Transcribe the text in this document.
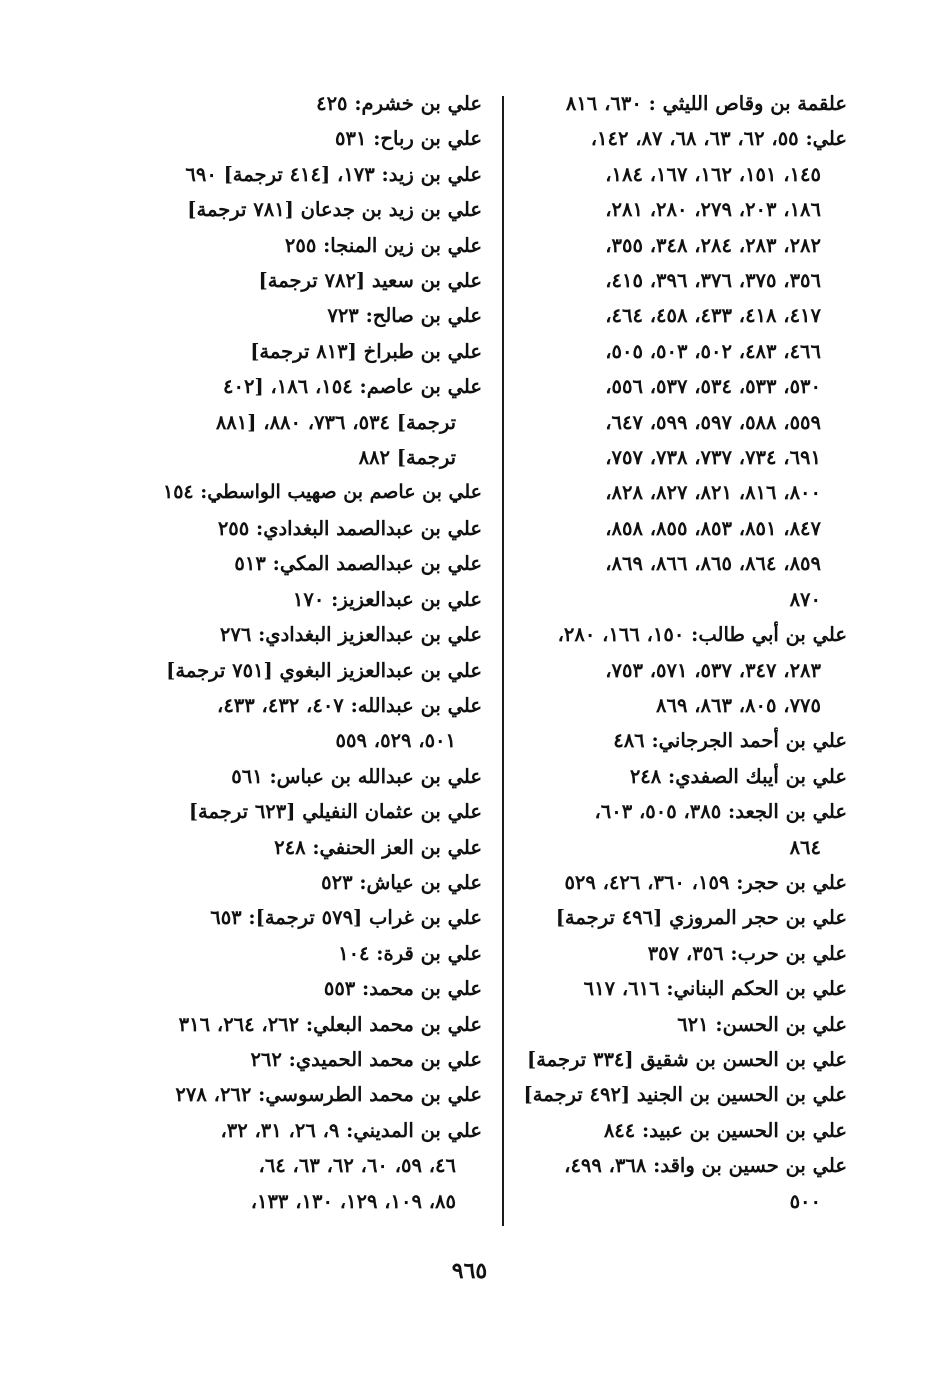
علقمة بن وقاص الليثي : ٦٣٠، ٨١٦
علي: ٥٥، ٦٢، ٦٣، ٦٨، ٨٧، ١٤٢،
١٤٥، ١٥١، ١٦٢، ١٦٧، ١٨٤،
١٨٦، ٢٠٣، ٢٧٩، ٢٨٠، ٢٨١،
٢٨٢، ٢٨٣، ٢٨٤، ٣٤٨، ٣٥٥،
٣٥٦، ٣٧٥، ٣٧٦، ٣٩٦، ٤١٥،
٤١٧، ٤١٨، ٤٣٣، ٤٥٨، ٤٦٤،
٤٦٦، ٤٨٣، ٥٠٢، ٥٠٣، ٥٠٥،
٥٣٠، ٥٣٣، ٥٣٤، ٥٣٧، ٥٥٦،
٥٥٩، ٥٨٨، ٥٩٧، ٥٩٩، ٦٤٧،
٦٩١، ٧٣٤، ٧٣٧، ٧٣٨، ٧٥٧،
٨٠٠، ٨١٦، ٨٢١، ٨٢٧، ٨٢٨،
٨٤٧، ٨٥١، ٨٥٣، ٨٥٥، ٨٥٨،
٨٥٩، ٨٦٤، ٨٦٥، ٨٦٦، ٨٦٩،
٨٧٠
علي بن أبي طالب: ١٥٠، ١٦٦، ٢٨٠،
٢٨٣، ٣٤٧، ٥٣٧، ٥٧١، ٧٥٣،
٧٧٥، ٨٠٥، ٨٦٣، ٨٦٩
علي بن أحمد الجرجاني: ٤٨٦
علي بن أيبك الصفدي: ٢٤٨
علي بن الجعد: ٣٨٥، ٥٠٥، ٦٠٣،
٨٦٤
علي بن حجر: ١٥٩، ٣٦٠، ٤٢٦، ٥٢٩
علي بن حجر المروزي [٤٩٦ ترجمة]
علي بن حرب: ٣٥٦، ٣٥٧
علي بن الحكم البناني: ٦١٦، ٦١٧
علي بن الحسن: ٦٢١
علي بن الحسن بن شقيق [٣٣٤ ترجمة]
علي بن الحسين بن الجنيد [٤٩٢ ترجمة]
علي بن الحسين بن عبيد: ٨٤٤
علي بن حسين بن واقد: ٣٦٨، ٤٩٩،
٥٠٠
علي بن خشرم: ٤٢٥
علي بن رباح: ٥٣١
علي بن زيد: ١٧٣، [٤١٤ ترجمة] ٦٩٠
علي بن زيد بن جدعان [٧٨١ ترجمة]
علي بن زين المنجا: ٢٥٥
علي بن سعيد [٧٨٢ ترجمة]
علي بن صالح: ٧٢٣
علي بن طبراخ [٨١٣ ترجمة]
علي بن عاصم: ١٥٤، ١٨٦، [٤٠٢
ترجمة] ٥٣٤، ٧٣٦، ٨٨٠، [٨٨١
ترجمة] ٨٨٢
علي بن عاصم بن صهيب الواسطي: ١٥٤
علي بن عبدالصمد البغدادي: ٢٥٥
علي بن عبدالصمد المكي: ٥١٣
علي بن عبدالعزيز: ١٧٠
علي بن عبدالعزيز البغدادي: ٢٧٦
علي بن عبدالعزيز البغوي [٧٥١ ترجمة]
علي بن عبدالله: ٤٠٧، ٤٣٢، ٤٣٣،
٥٠١، ٥٢٩، ٥٥٩
علي بن عبدالله بن عباس: ٥٦١
علي بن عثمان النفيلي [٦٢٣ ترجمة]
علي بن العز الحنفي: ٢٤٨
علي بن عياش: ٥٢٣
علي بن غراب [٥٧٩ ترجمة]: ٦٥٣
علي بن قرة: ١٠٤
علي بن محمد: ٥٥٣
علي بن محمد البعلي: ٢٦٢، ٢٦٤، ٣١٦
علي بن محمد الحميدي: ٢٦٢
علي بن محمد الطرسوسي: ٢٦٢، ٢٧٨
علي بن المديني: ٩، ٢٦، ٣١، ٣٢،
٤٦، ٥٩، ٦٠، ٦٢، ٦٣، ٦٤،
٨٥، ١٠٩، ١٢٩، ١٣٠، ١٣٣،
٩٦٥
